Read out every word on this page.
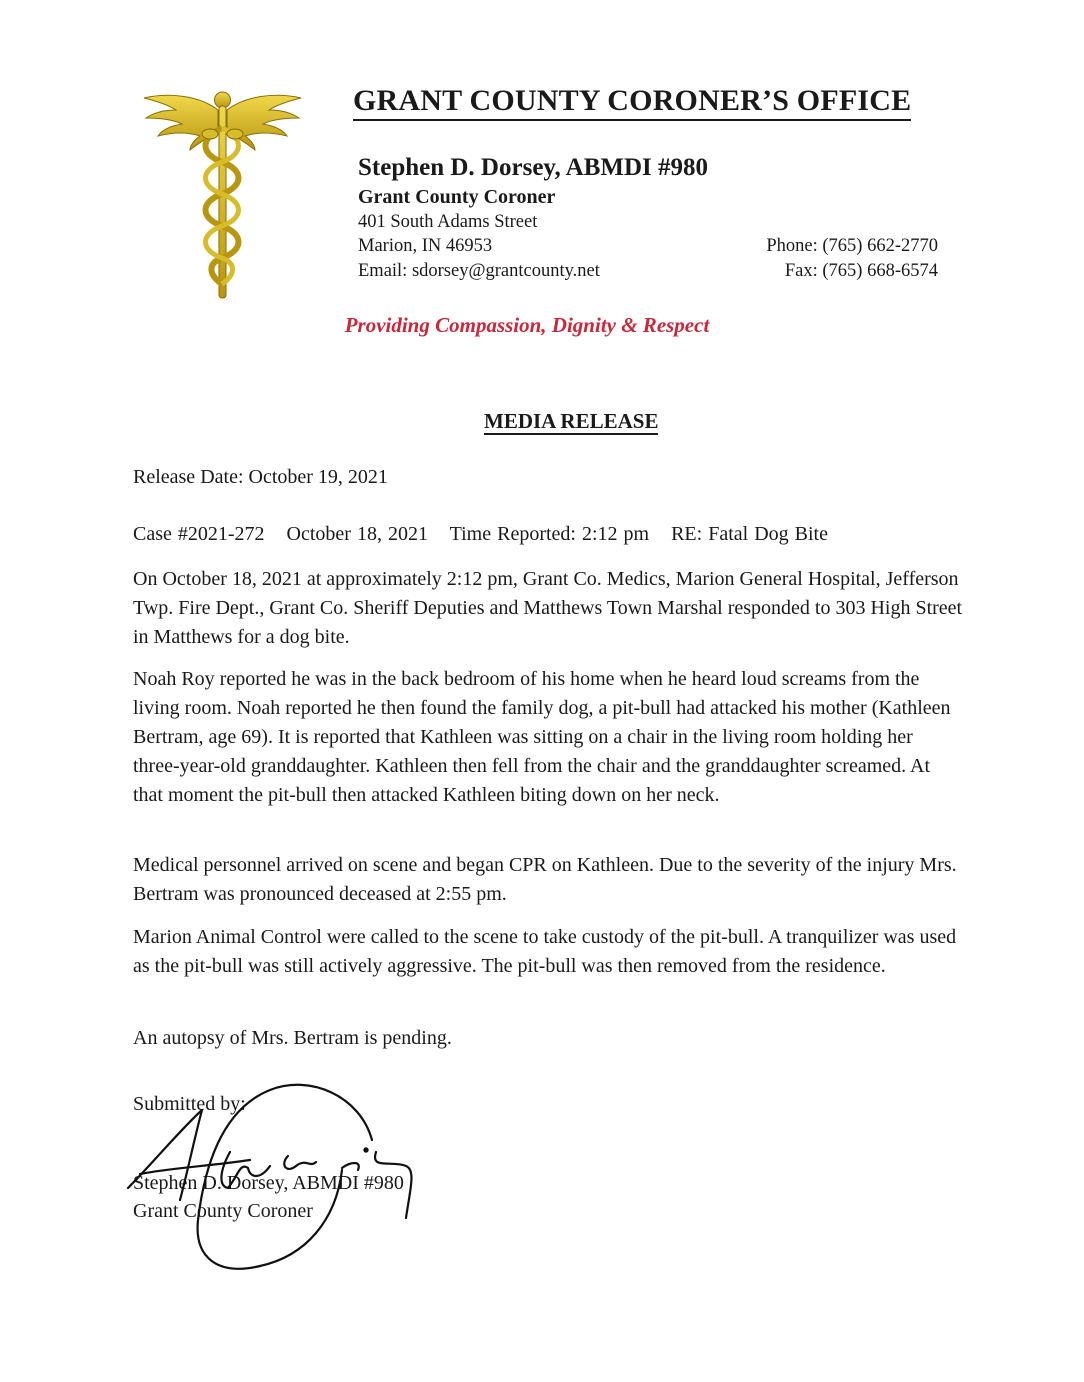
GRANT COUNTY CORONER’S OFFICE
Stephen D. Dorsey, ABMDI #980
Grant County Coroner
401 South Adams Street
Marion, IN 46953
Email: sdorsey@grantcounty.net
Phone: (765) 662-2770
Fax: (765) 668-6574
Providing Compassion, Dignity & Respect
MEDIA RELEASE
Release Date: October 19, 2021
Case #2021-272 October 18, 2021 Time Reported: 2:12 pm RE: Fatal Dog Bite
On October 18, 2021 at approximately 2:12 pm, Grant Co. Medics, Marion General Hospital, Jefferson Twp. Fire Dept., Grant Co. Sheriff Deputies and Matthews Town Marshal responded to 303 High Street in Matthews for a dog bite.
Noah Roy reported he was in the back bedroom of his home when he heard loud screams from the living room. Noah reported he then found the family dog, a pit-bull had attacked his mother (Kathleen Bertram, age 69). It is reported that Kathleen was sitting on a chair in the living room holding her three-year-old granddaughter. Kathleen then fell from the chair and the granddaughter screamed. At that moment the pit-bull then attacked Kathleen biting down on her neck.
Medical personnel arrived on scene and began CPR on Kathleen. Due to the severity of the injury Mrs. Bertram was pronounced deceased at 2:55 pm.
Marion Animal Control were called to the scene to take custody of the pit-bull. A tranquilizer was used as the pit-bull was still actively aggressive. The pit-bull was then removed from the residence.
An autopsy of Mrs. Bertram is pending.
Submitted by:
Stephen D. Dorsey, ABMDI #980
Grant County Coroner
